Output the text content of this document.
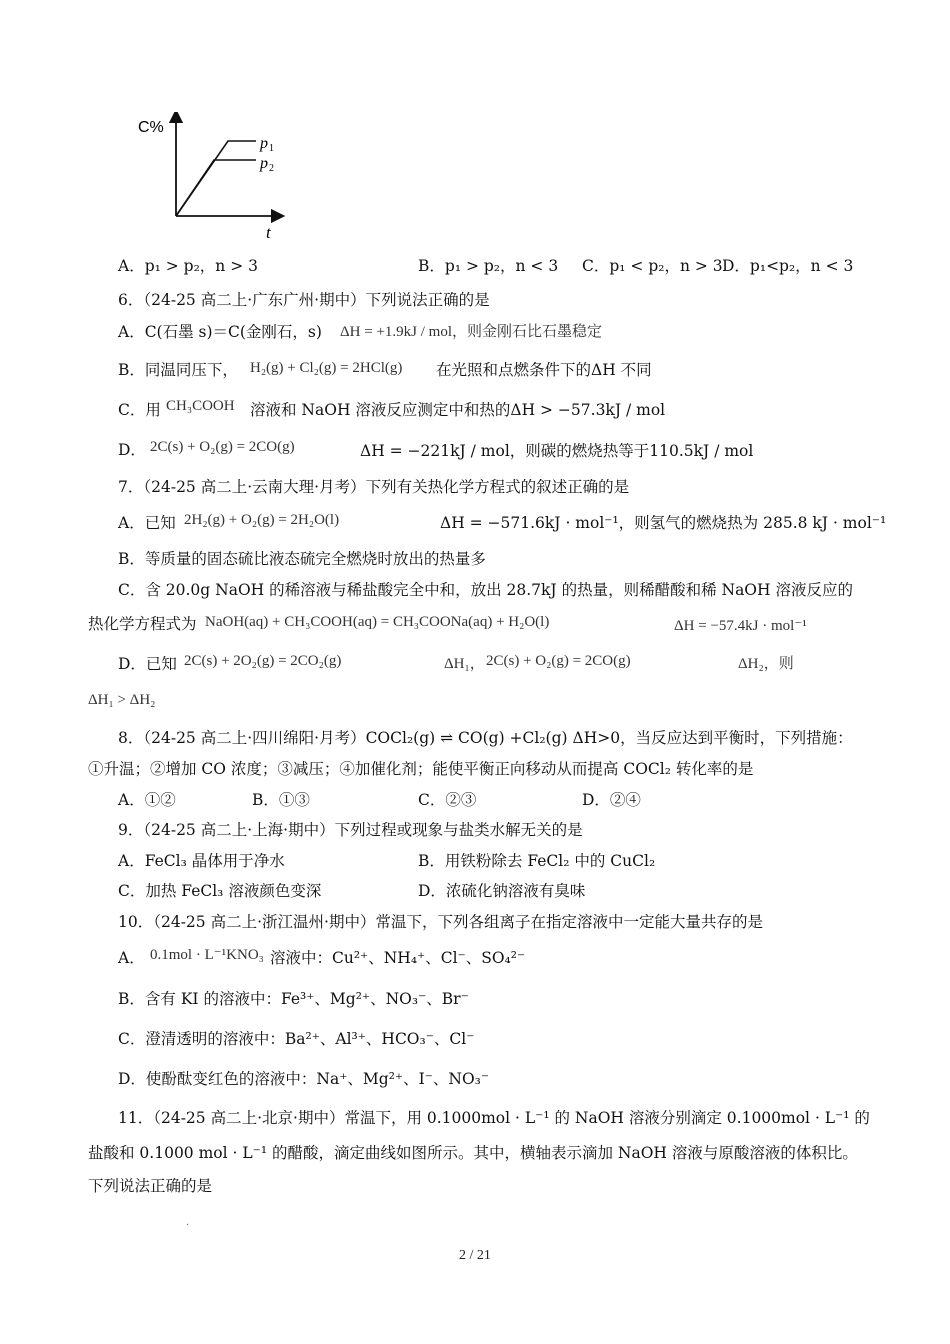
C%
t
p 1
p 2
A．p₁ > p₂，n > 3	B．p₁ > p₂，n < 3 C．p₁ < p₂，n > 3 D．p₁<p₂，n < 3
6．（24-25 高二上·广东广州·期中）下列说法正确的是
A．C(石墨 s)＝C(金刚石，s) ΔH = +1.9kJ / mol，则金刚石比石墨稳定
B．同温同压下， H₂(g) + Cl₂(g) = 2HCl(g) 在光照和点燃条件下的ΔH 不同
C．用 CH₃COOH 溶液和 NaOH 溶液反应测定中和热的ΔH > −57.3kJ / mol
D． 2C(s) + O₂(g) = 2CO(g)	ΔH = −221kJ / mol，则碳的燃烧热等于110.5kJ / mol
7．（24-25 高二上·云南大理·月考）下列有关热化学方程式的叙述正确的是
A．已知 2H₂(g) + O₂(g) = 2H₂O(l)	ΔH = −571.6kJ · mol⁻¹，则氢气的燃烧热为 285.8 kJ · mol⁻¹
B．等质量的固态硫比液态硫完全燃烧时放出的热量多
C．含 20.0g NaOH 的稀溶液与稀盐酸完全中和，放出 28.7kJ 的热量，则稀醋酸和稀 NaOH 溶液反应的
热化学方程式为 NaOH(aq) + CH₃COOH(aq) = CH₃COONa(aq) + H₂O(l)	ΔH = −57.4kJ · mol⁻¹
D．已知 2C(s) + 2O₂(g) = 2CO₂(g)	ΔH₁， 2C(s) + O₂(g) = 2CO(g)	ΔH₂，则
ΔH₁ > ΔH₂
8．（24-25 高二上·四川绵阳·月考）COCl₂(g) ⇌ CO(g) +Cl₂(g) ΔH>0，当反应达到平衡时，下列措施：
①升温；②增加 CO 浓度；③减压；④加催化剂；能使平衡正向移动从而提高 COCl₂ 转化率的是
A．①②	B．①③	C．②③	D．②④
9．（24-25 高二上·上海·期中）下列过程或现象与盐类水解无关的是
A．FeCl₃ 晶体用于净水	B．用铁粉除去 FeCl₂ 中的 CuCl₂
C．加热 FeCl₃ 溶液颜色变深	D．浓硫化钠溶液有臭味
10．（24-25 高二上·浙江温州·期中）常温下，下列各组离子在指定溶液中一定能大量共存的是
A． 0.1mol · L⁻¹KNO₃ 溶液中：Cu²⁺、NH₄⁺、Cl⁻、SO₄²⁻
B．含有 KI 的溶液中：Fe³⁺、Mg²⁺、NO₃⁻、Br⁻
C．澄清透明的溶液中：Ba²⁺、Al³⁺、HCO₃⁻、Cl⁻
D．使酚酞变红色的溶液中：Na⁺、Mg²⁺、I⁻、NO₃⁻
11．（24-25 高二上·北京·期中）常温下，用 0.1000mol · L⁻¹ 的 NaOH 溶液分别滴定 0.1000mol · L⁻¹ 的
盐酸和 0.1000 mol · L⁻¹ 的醋酸，滴定曲线如图所示。其中，横轴表示滴加 NaOH 溶液与原酸溶液的体积比。
下列说法正确的是
·
2 / 21
